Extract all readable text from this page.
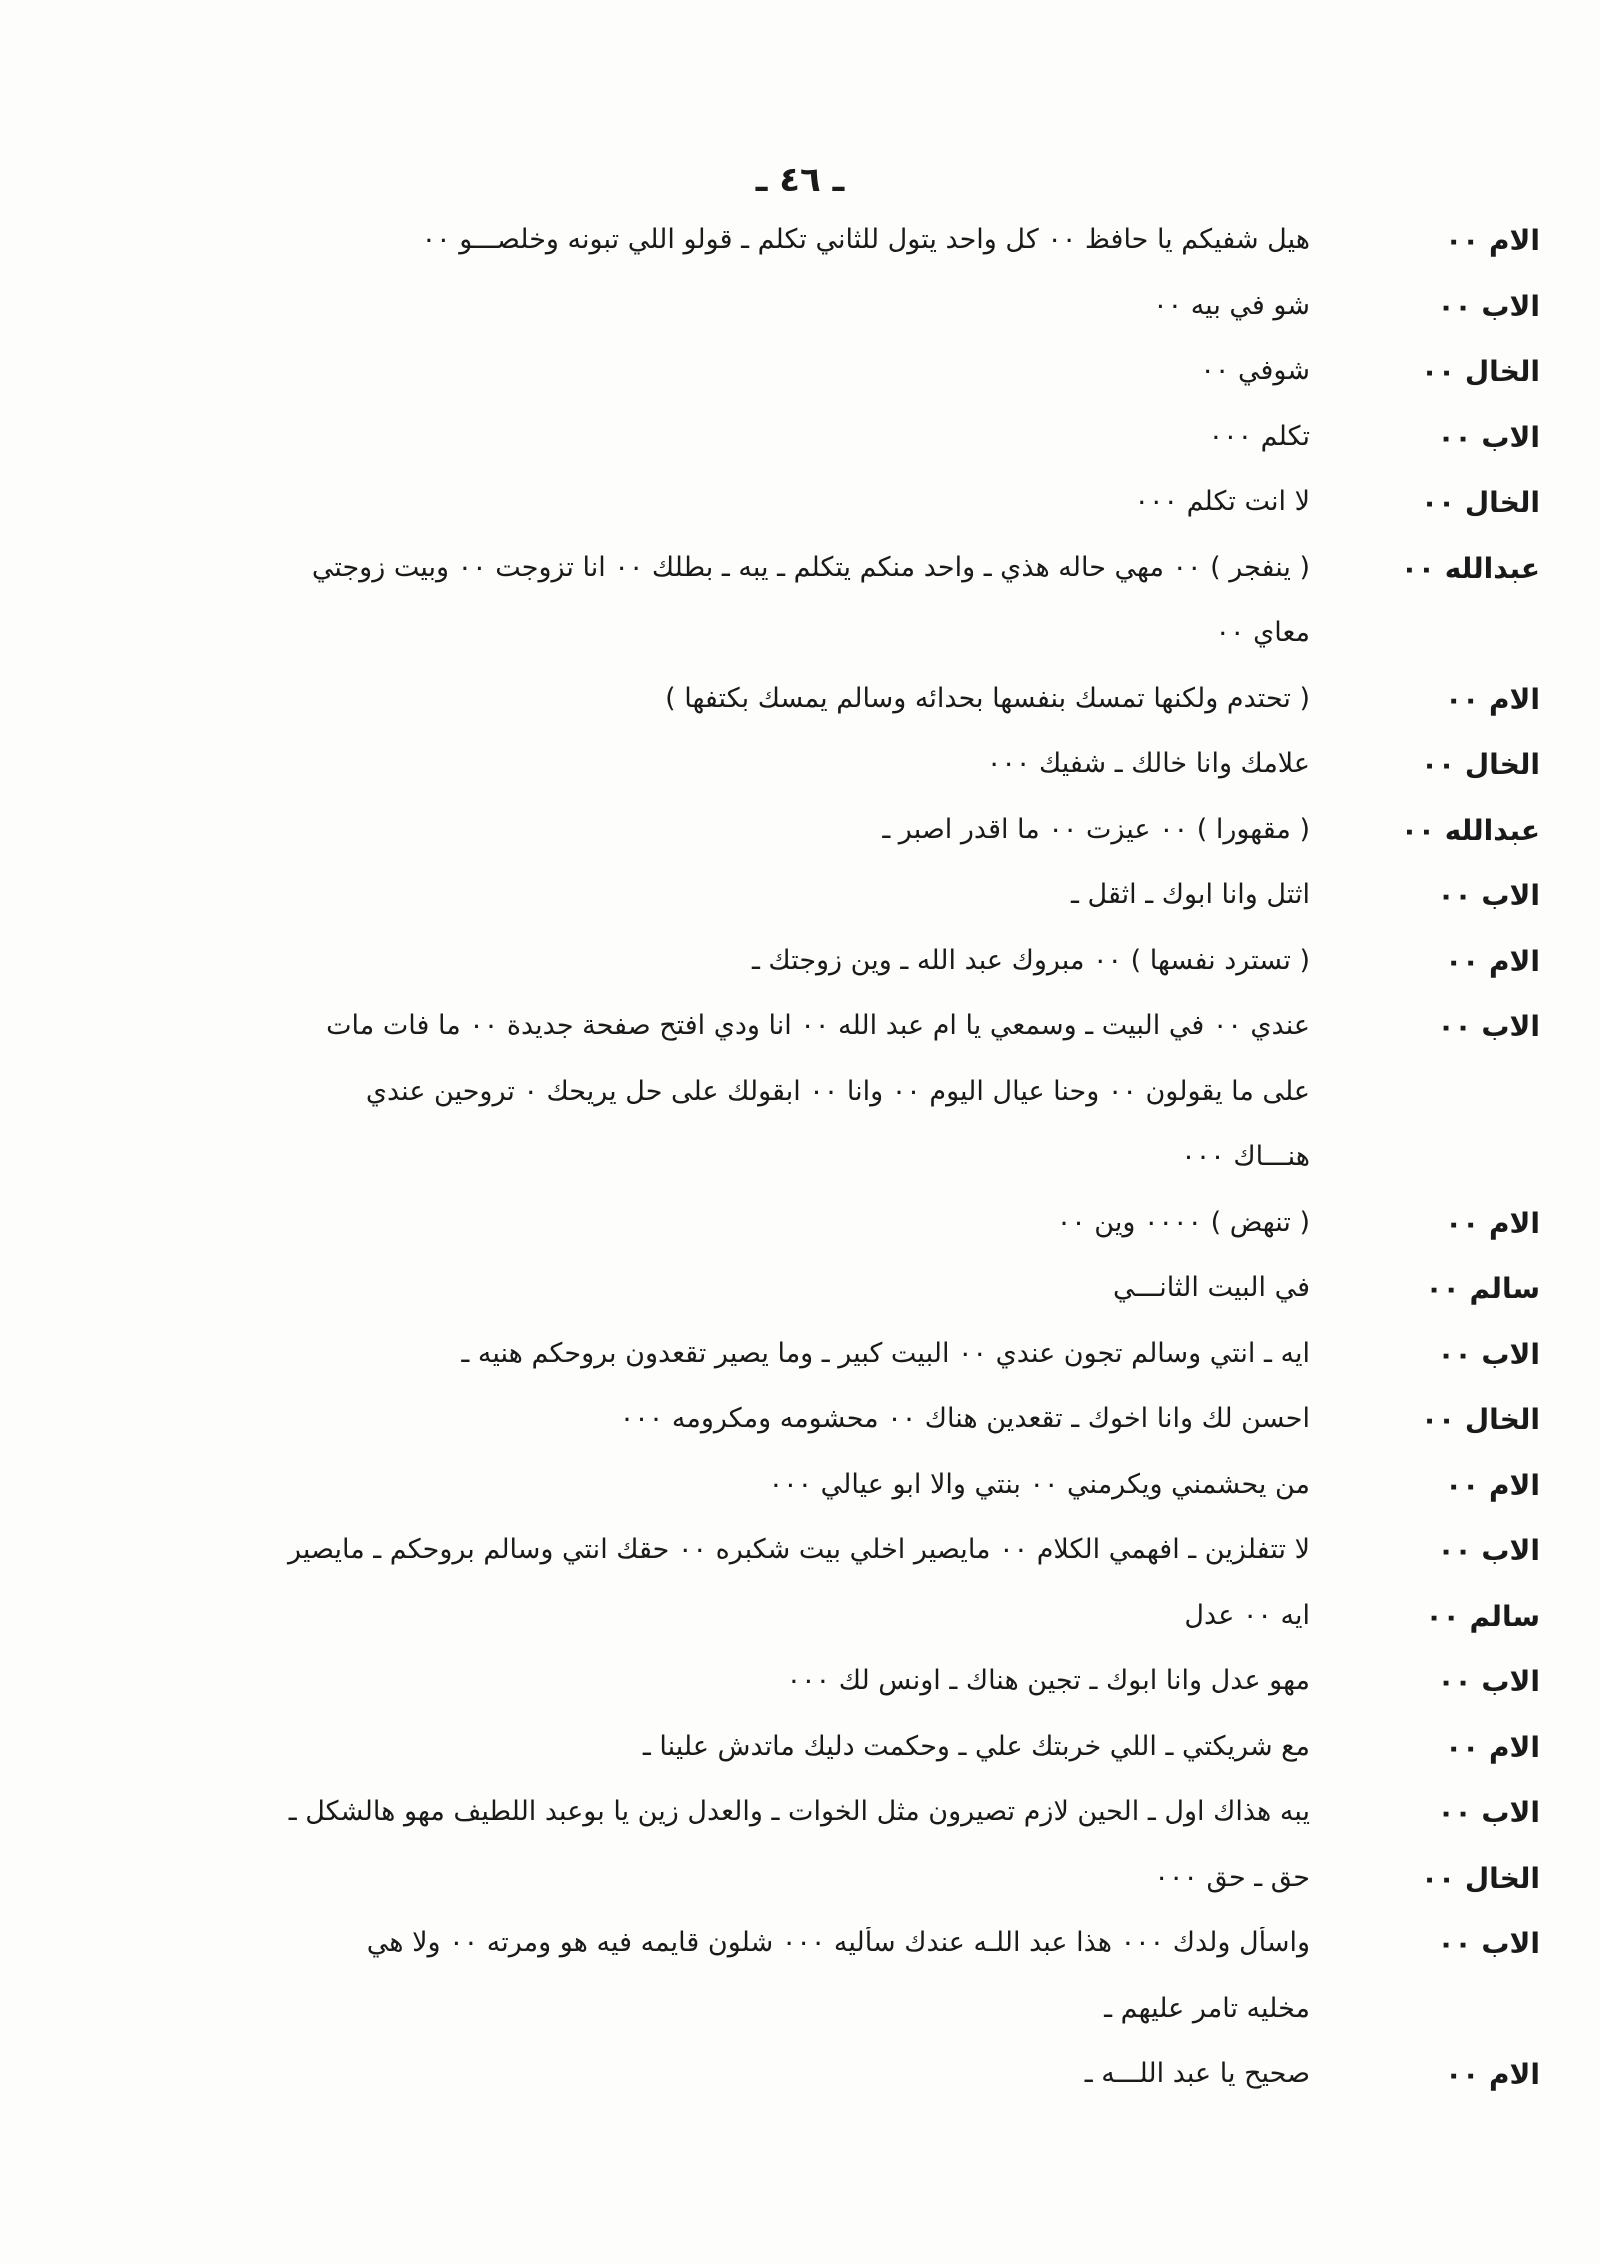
ـ ٤٦ ـ
الام ٠٠
هيل شفيكم يا حافظ ٠٠ كل واحد يتول للثاني تكلم ـ قولو اللي تبونه وخلصـــو ٠٠
الاب ٠٠
شو في بيه ٠٠
الخال ٠٠
شوفي ٠٠
الاب ٠٠
تكلم ٠٠٠
الخال ٠٠
لا انت تكلم ٠٠٠
عبدالله ٠٠
( ينفجر ) ٠٠ مهي حاله هذي ـ واحد منكم يتكلم ـ يبه ـ بطلك ٠٠ انا تزوجت ٠٠ وبيت زوجتي
معاي ٠٠
الام ٠٠
( تحتدم ولكنها تمسك بنفسها بحدائه وسالم يمسك بكتفها )
الخال ٠٠
علامك وانا خالك ـ شفيك ٠٠٠
عبدالله ٠٠
( مقهورا ) ٠٠ عيزت ٠٠ ما اقدر اصبر ـ
الاب ٠٠
اثتل وانا ابوك ـ اثقل ـ
الام ٠٠
( تسترد نفسها ) ٠٠ مبروك عبد الله ـ وين زوجتك ـ
الاب ٠٠
عندي ٠٠ في البيت ـ وسمعي يا ام عبد الله ٠٠ انا ودي افتح صفحة جديدة ٠٠ ما فات مات
على ما يقولون ٠٠ وحنا عيال اليوم ٠٠ وانا ٠٠ ابقولك على حل يريحك ٠ تروحين عندي
هنـــاك ٠٠٠
الام ٠٠
( تنهض ) ٠٠٠٠ وين ٠٠
سالم ٠٠
في البيت الثانـــي
الاب ٠٠
ايه ـ انتي وسالم تجون عندي ٠٠ البيت كبير ـ وما يصير تقعدون بروحكم هنيه ـ
الخال ٠٠
احسن لك وانا اخوك ـ تقعدين هناك ٠٠ محشومه ومكرومه ٠٠٠
الام ٠٠
من يحشمني ويكرمني ٠٠ بنتي والا ابو عيالي ٠٠٠
الاب ٠٠
لا تتفلزين ـ افهمي الكلام ٠٠ مايصير اخلي بيت شكبره ٠٠ حقك انتي وسالم بروحكم ـ مايصير
سالم ٠٠
ايه ٠٠ عدل
الاب ٠٠
مهو عدل وانا ابوك ـ تجين هناك ـ اونس لك ٠٠٠
الام ٠٠
مع شريكتي ـ اللي خربتك علي ـ وحكمت دليك ماتدش علينا ـ
الاب ٠٠
يبه هذاك اول ـ الحين لازم تصيرون مثل الخوات ـ والعدل زين يا بوعبد اللطيف مهو هالشكل ـ
الخال ٠٠
حق ـ حق ٠٠٠
الاب ٠٠
واسأل ولدك ٠٠٠ هذا عبد اللـه عندك سأليه ٠٠٠ شلون قايمه فيه هو ومرته ٠٠ ولا هي
مخليه تامر عليهم ـ
الام ٠٠
صحيح يا عبد اللـــه ـ
